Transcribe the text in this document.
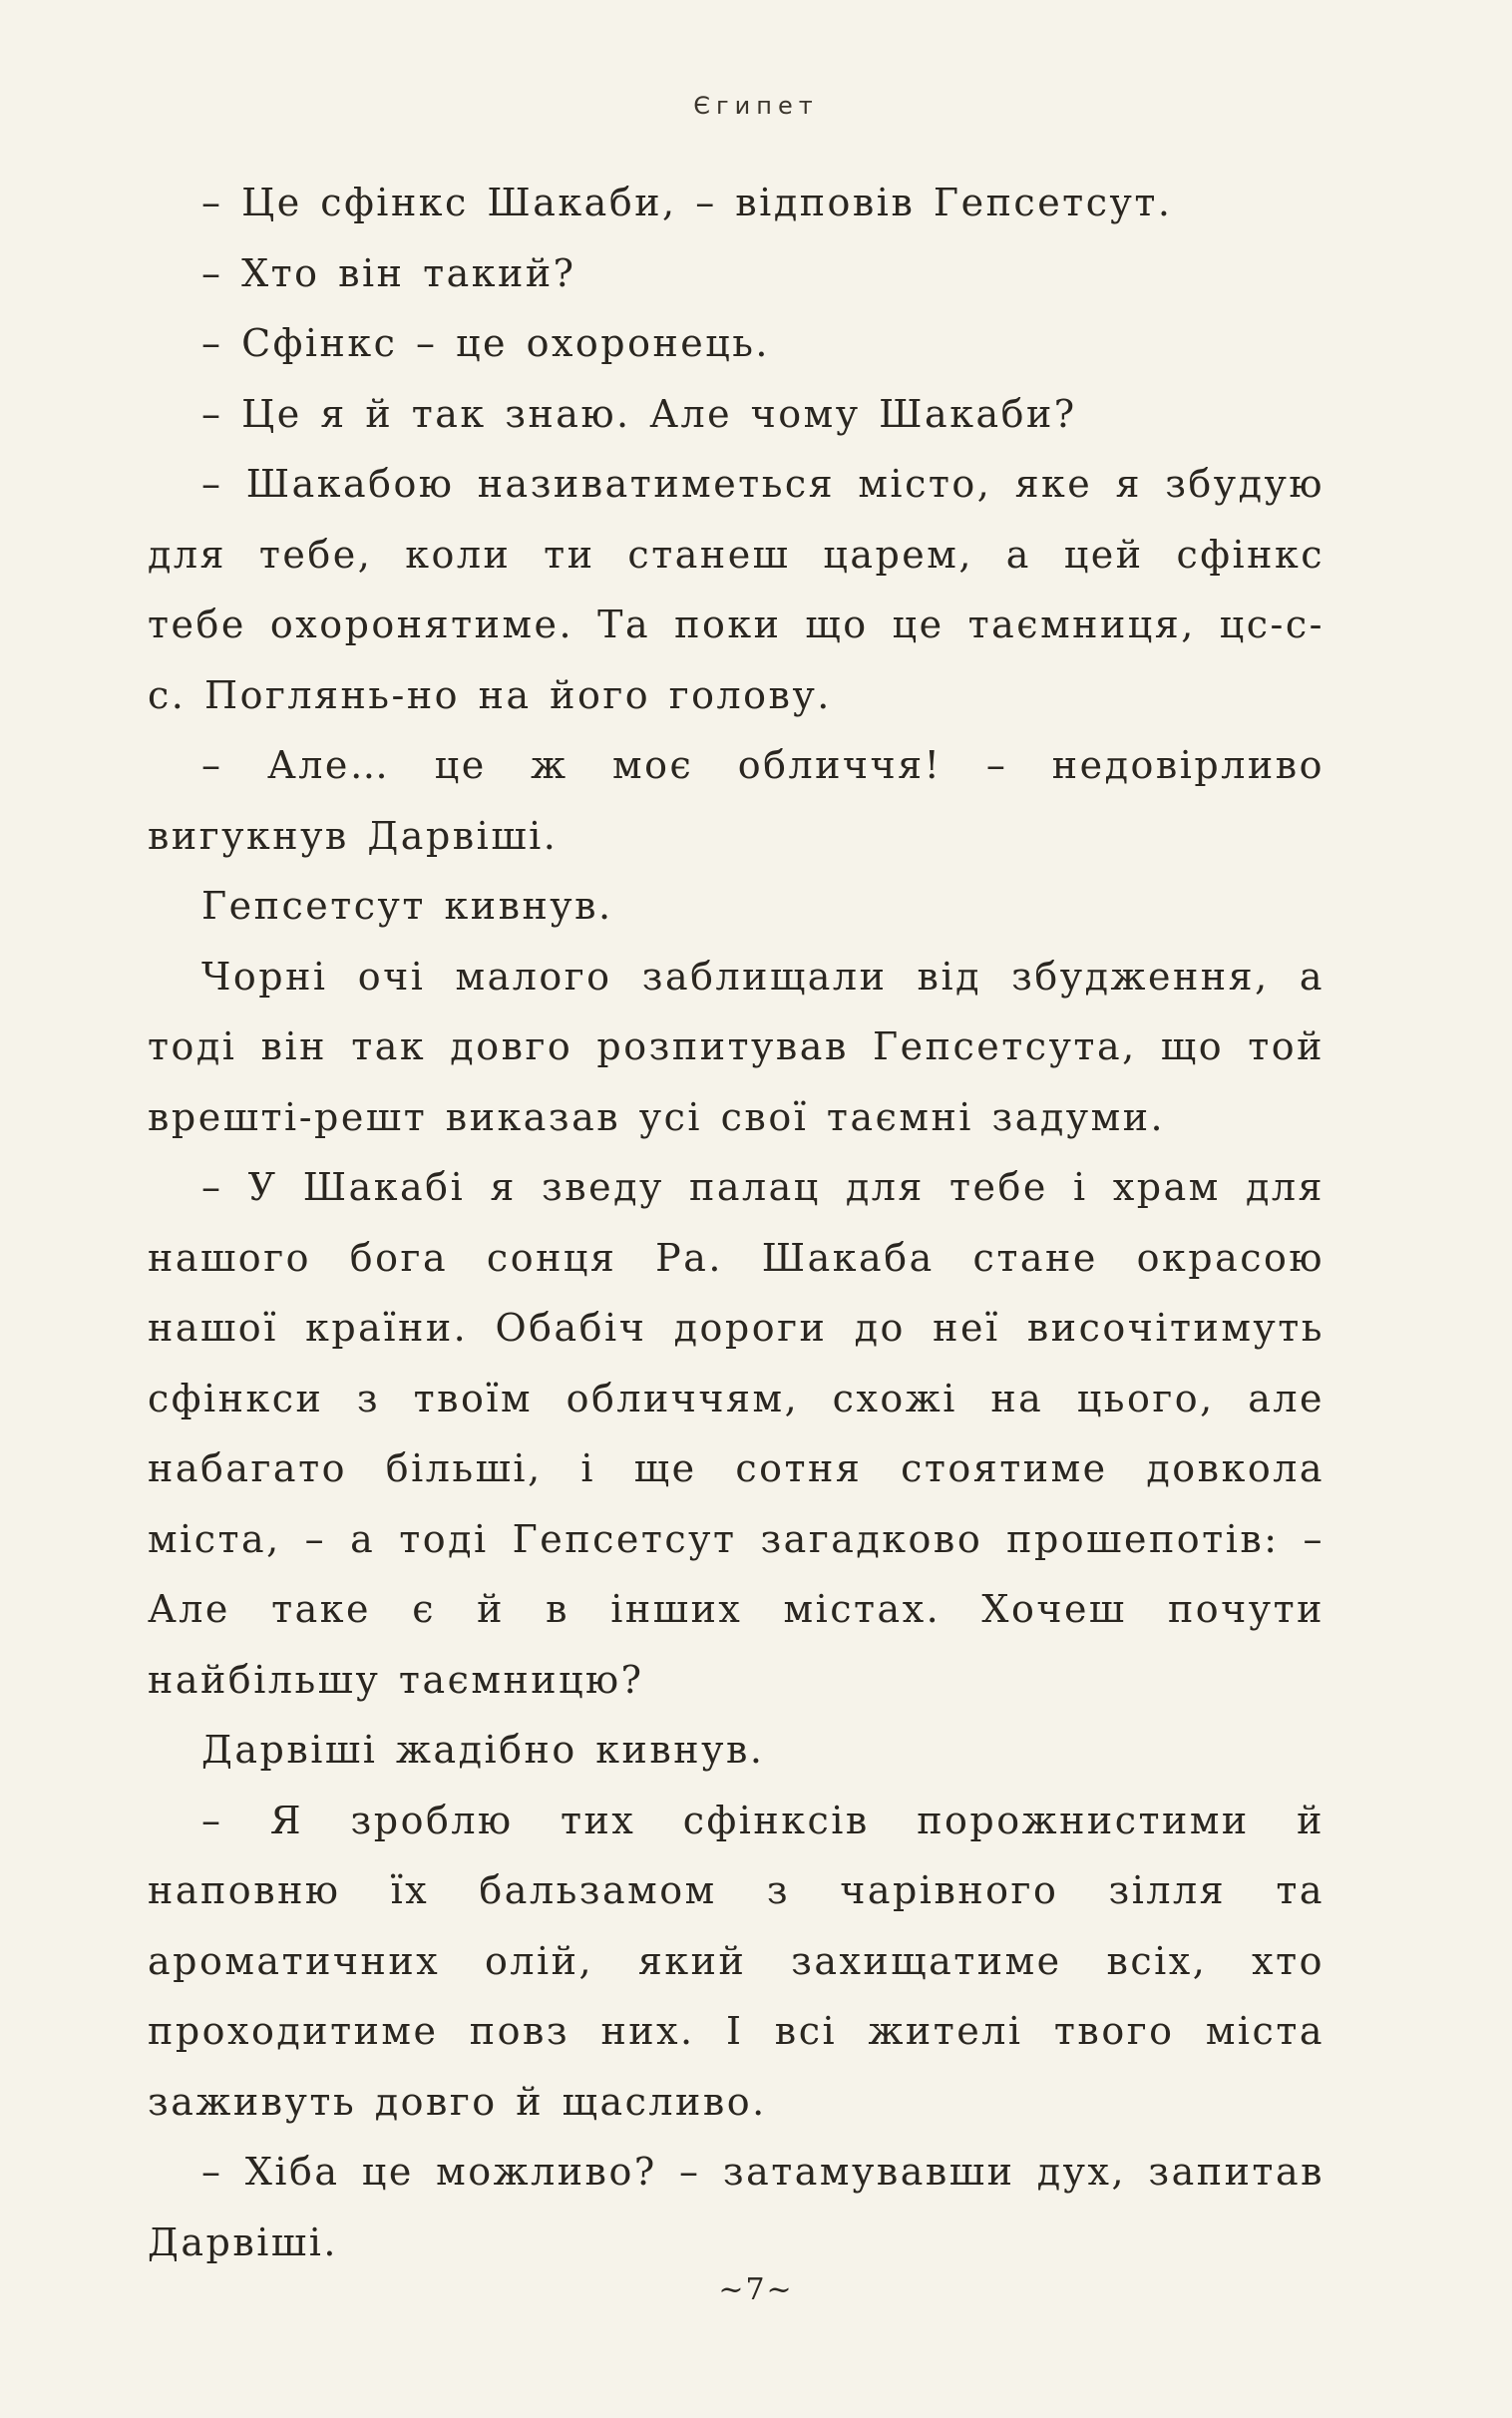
Єгипет

– Це сфінкс Шакаби, – відповів Гепсетсут.

– Хто він такий?

– Сфінкс – це охоронець.

– Це я й так знаю. Але чому Шакаби?

– Шакабою називатиметься місто, яке я збудую для тебе, коли ти станеш царем, а цей сфінкс тебе охоронятиме. Та поки що це таємниця, цс-с-с. Поглянь-но на його голову.

– Але… це ж моє обличчя! – недовірливо вигукнув Дарвіші.

Гепсетсут кивнув.

Чорні очі малого заблищали від збудження, а тоді він так довго розпитував Гепсетсута, що той врешті-решт виказав усі свої таємні задуми.

– У Шакабі я зведу палац для тебе і храм для нашого бога сонця Ра. Шакаба стане окрасою нашої країни. Обабіч дороги до неї височітимуть сфінкси з твоїм обличчям, схожі на цього, але набагато більші, і ще сотня стоятиме довкола міста, – а тоді Гепсетсут загадково прошепотів: – Але таке є й в інших містах. Хочеш почути найбільшу таємницю?

Дарвіші жадібно кивнув.

– Я зроблю тих сфінксів порожнистими й наповню їх бальзамом з чарівного зілля та ароматичних олій, який захищатиме всіх, хто проходитиме повз них. І всі жителі твого міста заживуть довго й щасливо.

– Хіба це можливо? – затамувавши дух, запитав Дарвіші.

~7~
